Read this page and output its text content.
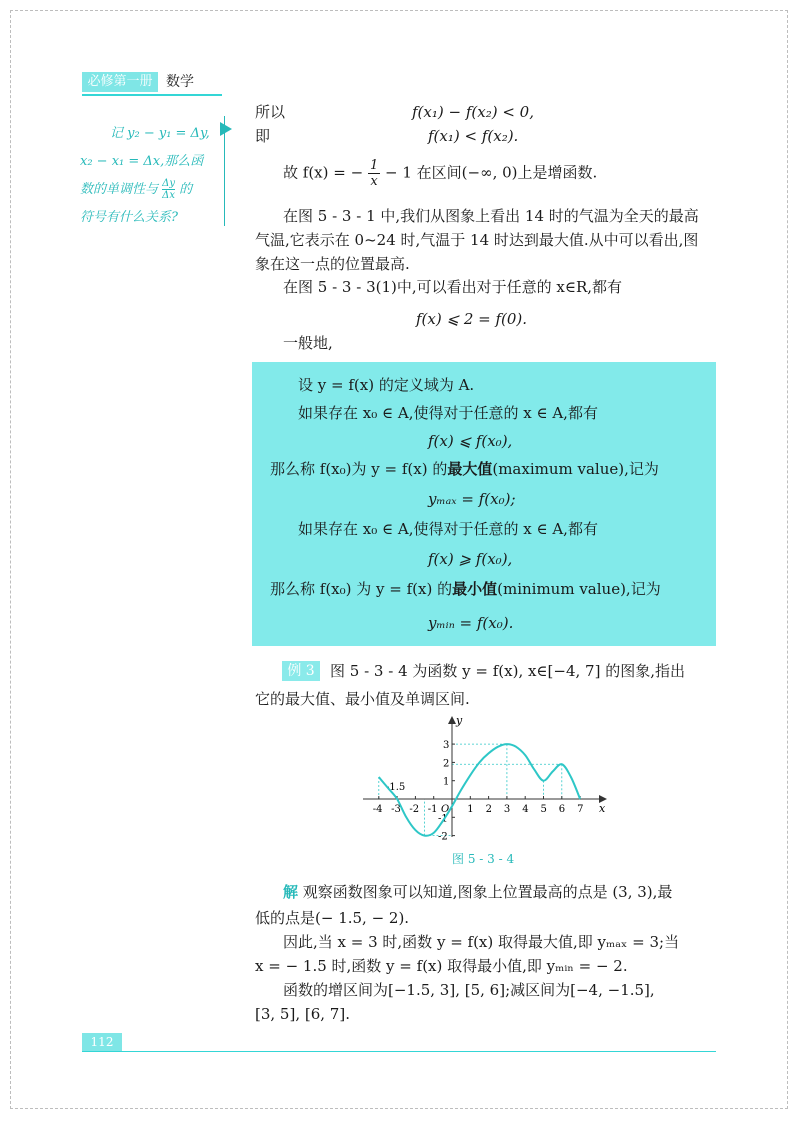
必修第一册 数学
记 y₂ − y₁ = Δy,
x₂ − x₁ = Δx,那么函
数的单调性与 $\frac{\Delta y}{\Delta x}$ 的
符号有什么关系?
所以	f(x₁) − f(x₂) < 0,
即	f(x₁) < f(x₂).
故 f(x) = − $\frac{1}{x} - 1$ 在区间(−∞, 0)上是增函数.
在图 5 - 3 - 1 中,我们从图象上看出 14 时的气温为全天的最高
气温,它表示在 0~24 时,气温于 14 时达到最大值.从中可以看出,图
象在这一点的位置最高.
在图 5 - 3 - 3(1)中,可以看出对于任意的 x∈R,都有
f(x) ⩽ 2 = f(0).
一般地,
设 y = f(x) 的定义域为 A.
如果存在 x₀ ∈ A,使得对于任意的 x ∈ A,都有
f(x) ⩽ f(x₀),
那么称 f(x₀)为 y = f(x) 的最大值(maximum value),记为
yₘₐₓ = f(x₀);
如果存在 x₀ ∈ A,使得对于任意的 x ∈ A,都有
f(x) ⩾ f(x₀),
那么称 f(x₀) 为 y = f(x) 的最小值(minimum value),记为
yₘᵢₙ = f(x₀).
例 3	图 5 - 3 - 4 为函数 y = f(x), x∈[−4, 7] 的图象,指出
它的最大值、最小值及单调区间.
x
y
O
-4 -3 -2 -1	1 2 3 4 5 6 7
3
2
1
-1
-2
-1.5
图 5 - 3 - 4
解 观察函数图象可以知道,图象上位置最高的点是 (3, 3),最
低的点是(− 1.5, − 2).
因此,当 x = 3 时,函数 y = f(x) 取得最大值,即 yₘₐₓ = 3;当
x = − 1.5 时,函数 y = f(x) 取得最小值,即 yₘᵢₙ = − 2.
函数的增区间为[−1.5, 3], [5, 6];减区间为[−4, −1.5],
[3, 5], [6, 7].
112
